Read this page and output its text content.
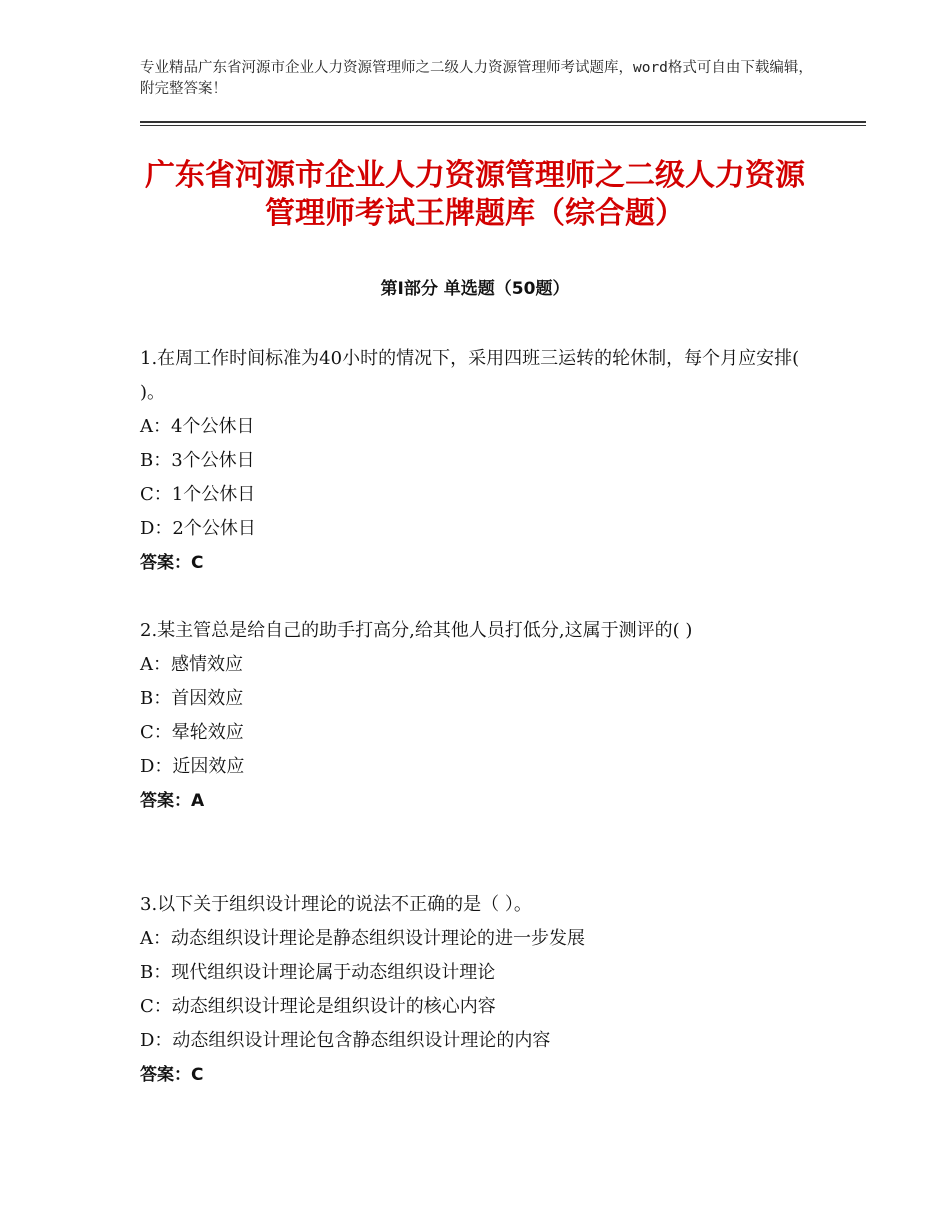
专业精品广东省河源市企业人力资源管理师之二级人力资源管理师考试题库，word格式可自由下载编辑，附完整答案！
广东省河源市企业人力资源管理师之二级人力资源管理师考试王牌题库（综合题）
第Ⅰ部分 单选题（50题）

1.在周工作时间标准为40小时的情况下，采用四班三运转的轮休制，每个月应安排( )。

A：4个公休日

B：3个公休日

C：1个公休日

D：2个公休日

答案：C

2.某主管总是给自己的助手打高分,给其他人员打低分,这属于测评的( )

A：感情效应

B：首因效应

C：晕轮效应

D：近因效应

答案：A

3.以下关于组织设计理论的说法不正确的是（ ）。

A：动态组织设计理论是静态组织设计理论的进一步发展

B：现代组织设计理论属于动态组织设计理论

C：动态组织设计理论是组织设计的核心内容

D：动态组织设计理论包含静态组织设计理论的内容

答案：C
